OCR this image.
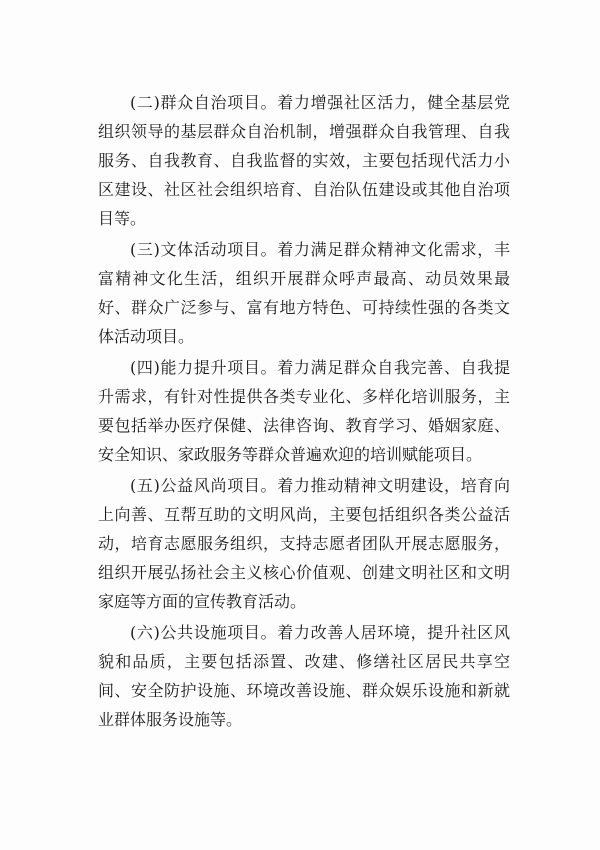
(二)群众自治项目。着力增强社区活力，健全基层党组织领导的基层群众自治机制，增强群众自我管理、自我服务、自我教育、自我监督的实效，主要包括现代活力小区建设、社区社会组织培育、自治队伍建设或其他自治项目等。

(三)文体活动项目。着力满足群众精神文化需求，丰富精神文化生活，组织开展群众呼声最高、动员效果最好、群众广泛参与、富有地方特色、可持续性强的各类文体活动项目。

(四)能力提升项目。着力满足群众自我完善、自我提升需求，有针对性提供各类专业化、多样化培训服务，主要包括举办医疗保健、法律咨询、教育学习、婚姻家庭、安全知识、家政服务等群众普遍欢迎的培训赋能项目。

(五)公益风尚项目。着力推动精神文明建设，培育向上向善、互帮互助的文明风尚，主要包括组织各类公益活动，培育志愿服务组织，支持志愿者团队开展志愿服务，组织开展弘扬社会主义核心价值观、创建文明社区和文明家庭等方面的宣传教育活动。

(六)公共设施项目。着力改善人居环境，提升社区风貌和品质，主要包括添置、改建、修缮社区居民共享空间、安全防护设施、环境改善设施、群众娱乐设施和新就业群体服务设施等。
